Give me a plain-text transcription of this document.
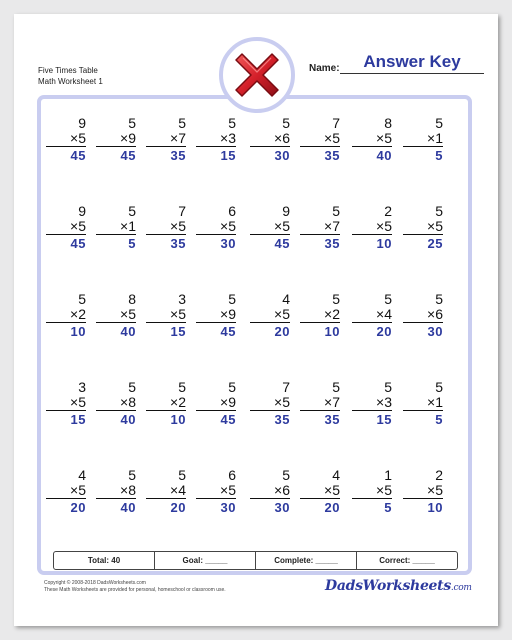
Five Times Table
Math Worksheet 1
Name:	Answer Key
9
×5
45
5
×9
45
5
×7
35
5
×3
15
5
×6
30
7
×5
35
8
×5
40
5
×1
5
9
×5
45
5
×1
5
7
×5
35
6
×5
30
9
×5
45
5
×7
35
2
×5
10
5
×5
25
5
×2
10
8
×5
40
3
×5
15
5
×9
45
4
×5
20
5
×2
10
5
×4
20
5
×6
30
3
×5
15
5
×8
40
5
×2
10
5
×9
45
7
×5
35
5
×7
35
5
×3
15
5
×1
5
4
×5
20
5
×8
40
5
×4
20
6
×5
30
5
×6
30
4
×5
20
1
×5
5
2
×5
10
Total: 40	Goal: _____	Complete: _____	Correct: _____
Copyright © 2008-2018 DadsWorksheets.com
These Math Worksheets are provided for personal, homeschool or classroom use.	DadsWorksheets.com
